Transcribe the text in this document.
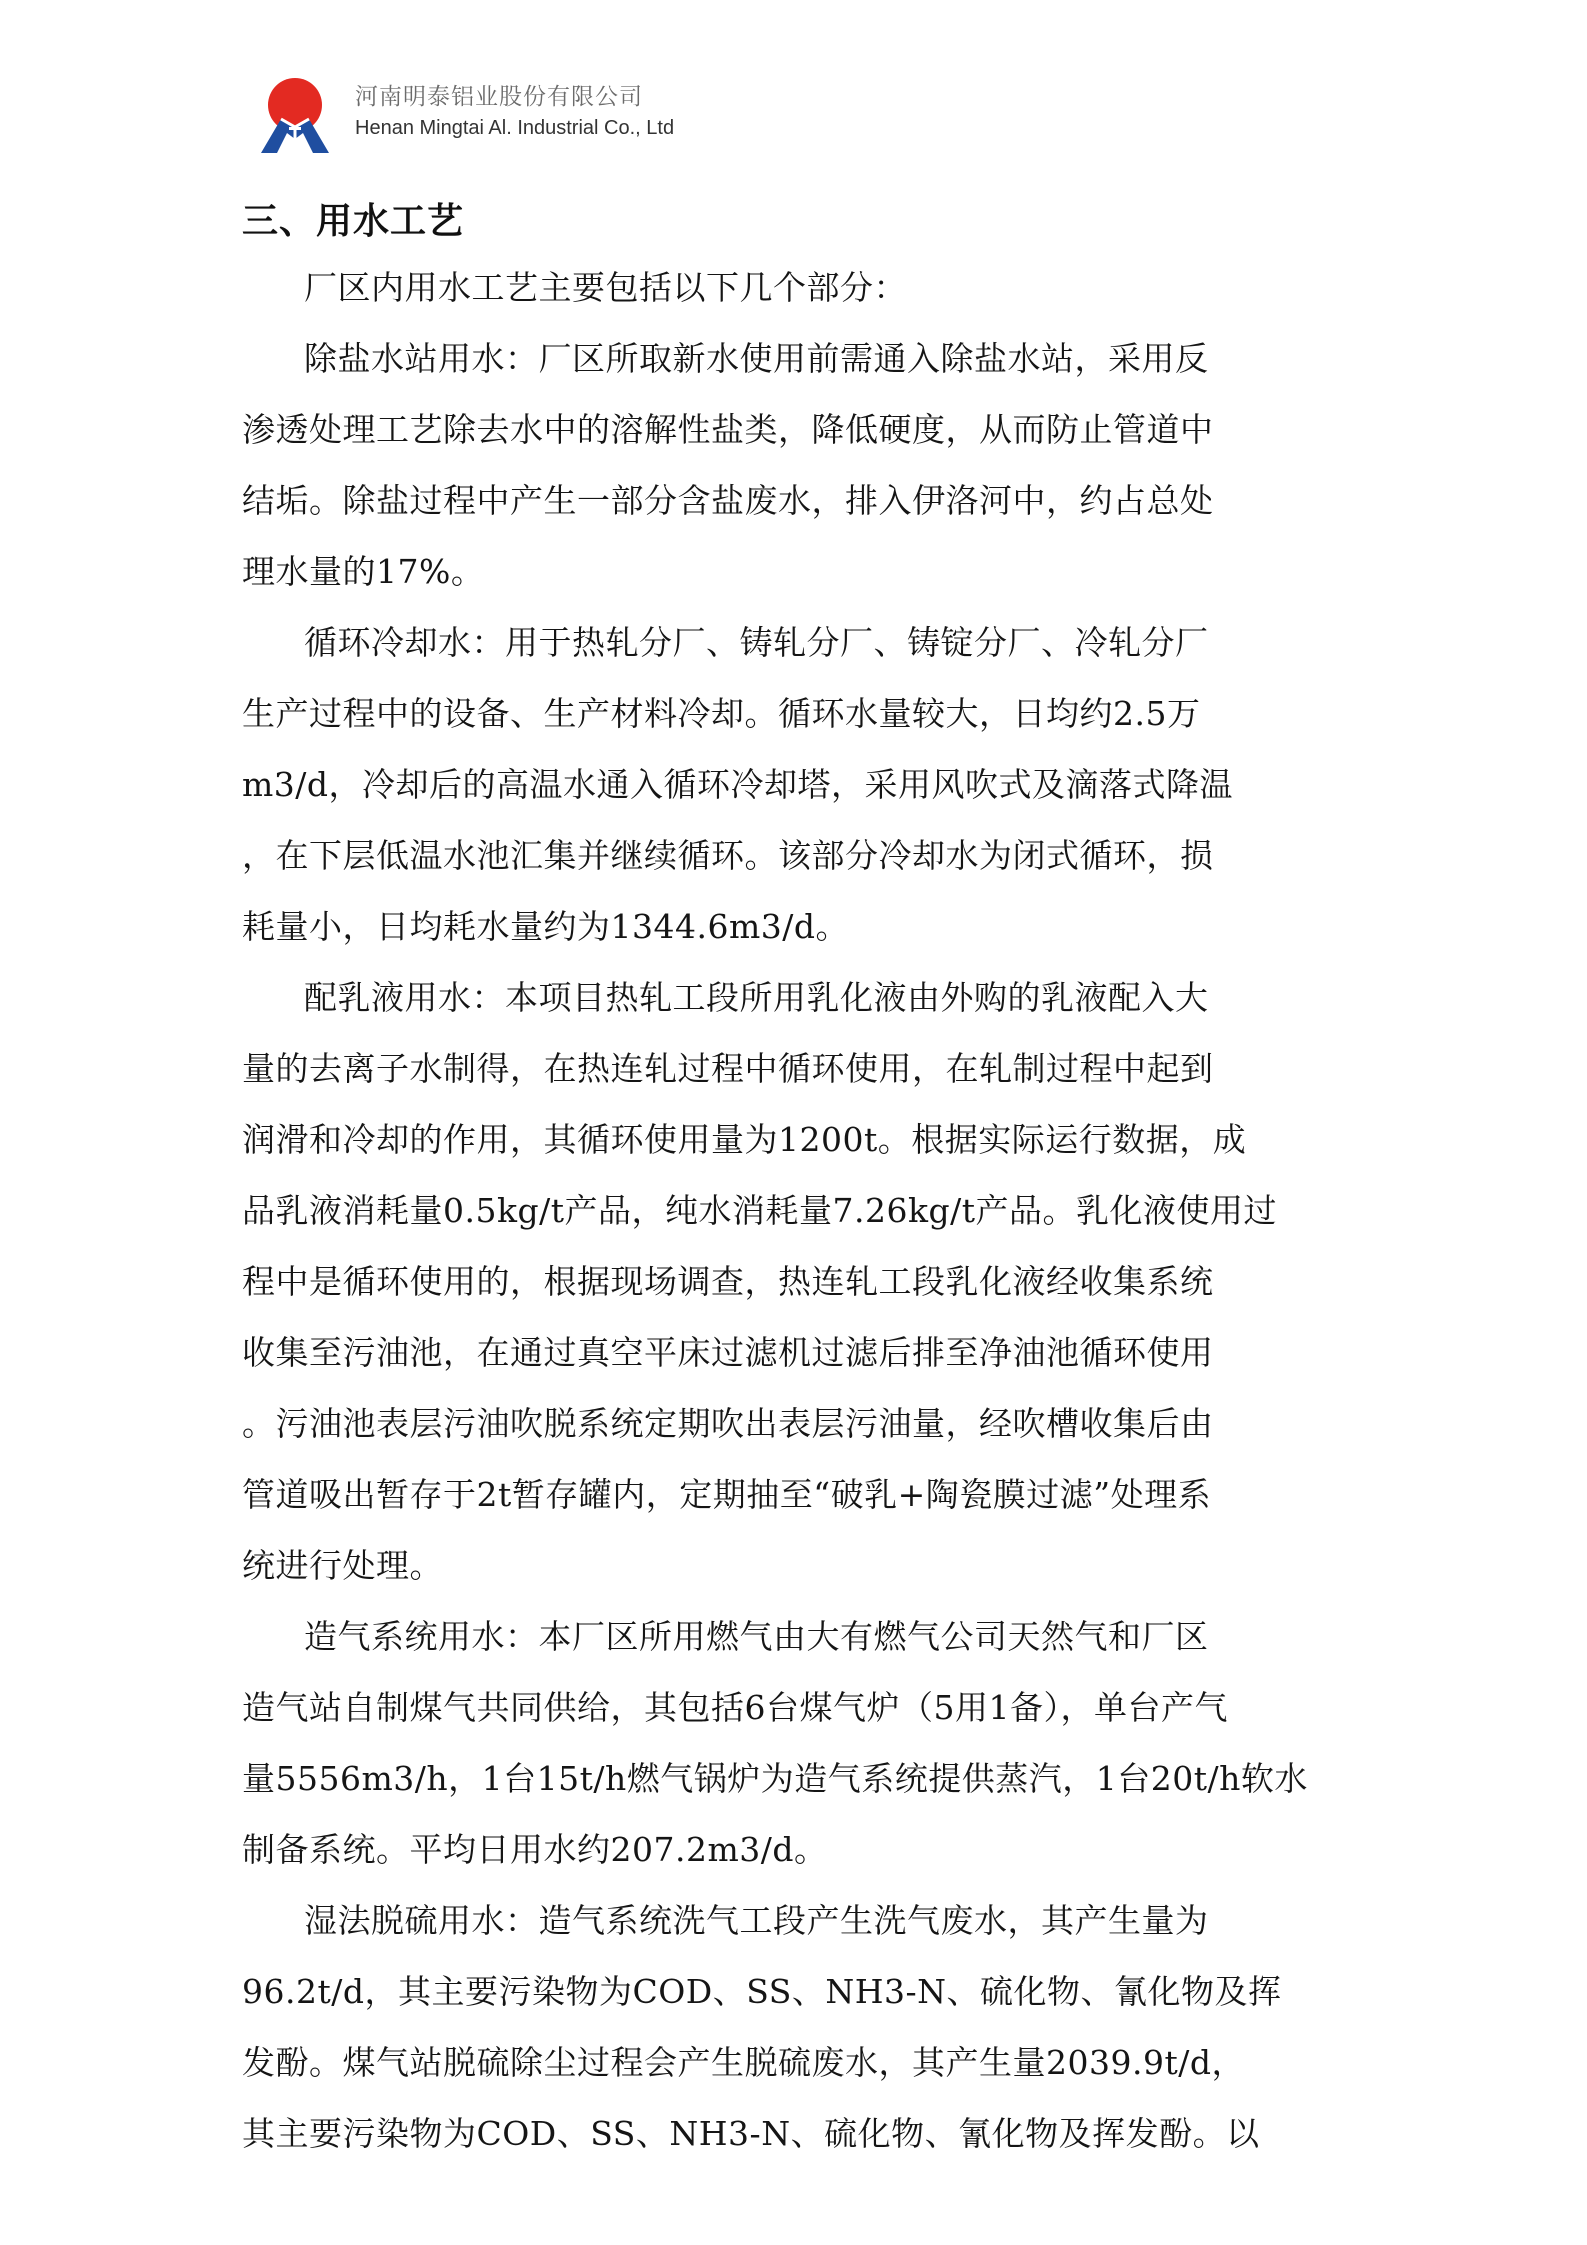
河南明泰铝业股份有限公司
Henan Mingtai Al. Industrial Co., Ltd
三、用水工艺
厂区内用水工艺主要包括以下几个部分：
除盐水站用水：厂区所取新水使用前需通入除盐水站，采用反
渗透处理工艺除去水中的溶解性盐类，降低硬度，从而防止管道中
结垢。除盐过程中产生一部分含盐废水，排入伊洛河中，约占总处
理水量的17%。
循环冷却水：用于热轧分厂、铸轧分厂、铸锭分厂、冷轧分厂
生产过程中的设备、生产材料冷却。循环水量较大，日均约2.5万
m3/d，冷却后的高温水通入循环冷却塔，采用风吹式及滴落式降温
，在下层低温水池汇集并继续循环。该部分冷却水为闭式循环，损
耗量小，日均耗水量约为1344.6m3/d。
配乳液用水：本项目热轧工段所用乳化液由外购的乳液配入大
量的去离子水制得，在热连轧过程中循环使用，在轧制过程中起到
润滑和冷却的作用，其循环使用量为1200t。根据实际运行数据，成
品乳液消耗量0.5kg/t产品，纯水消耗量7.26kg/t产品。乳化液使用过
程中是循环使用的，根据现场调查，热连轧工段乳化液经收集系统
收集至污油池，在通过真空平床过滤机过滤后排至净油池循环使用
。污油池表层污油吹脱系统定期吹出表层污油量，经吹槽收集后由
管道吸出暂存于2t暂存罐内，定期抽至“破乳+陶瓷膜过滤”处理系
统进行处理。
造气系统用水：本厂区所用燃气由大有燃气公司天然气和厂区
造气站自制煤气共同供给，其包括6台煤气炉（5用1备），单台产气
量5556m3/h，1台15t/h燃气锅炉为造气系统提供蒸汽，1台20t/h软水
制备系统。平均日用水约207.2m3/d。
湿法脱硫用水：造气系统洗气工段产生洗气废水，其产生量为
96.2t/d，其主要污染物为COD、SS、NH3-N、硫化物、氰化物及挥
发酚。煤气站脱硫除尘过程会产生脱硫废水，其产生量2039.9t/d，
其主要污染物为COD、SS、NH3-N、硫化物、氰化物及挥发酚。以
